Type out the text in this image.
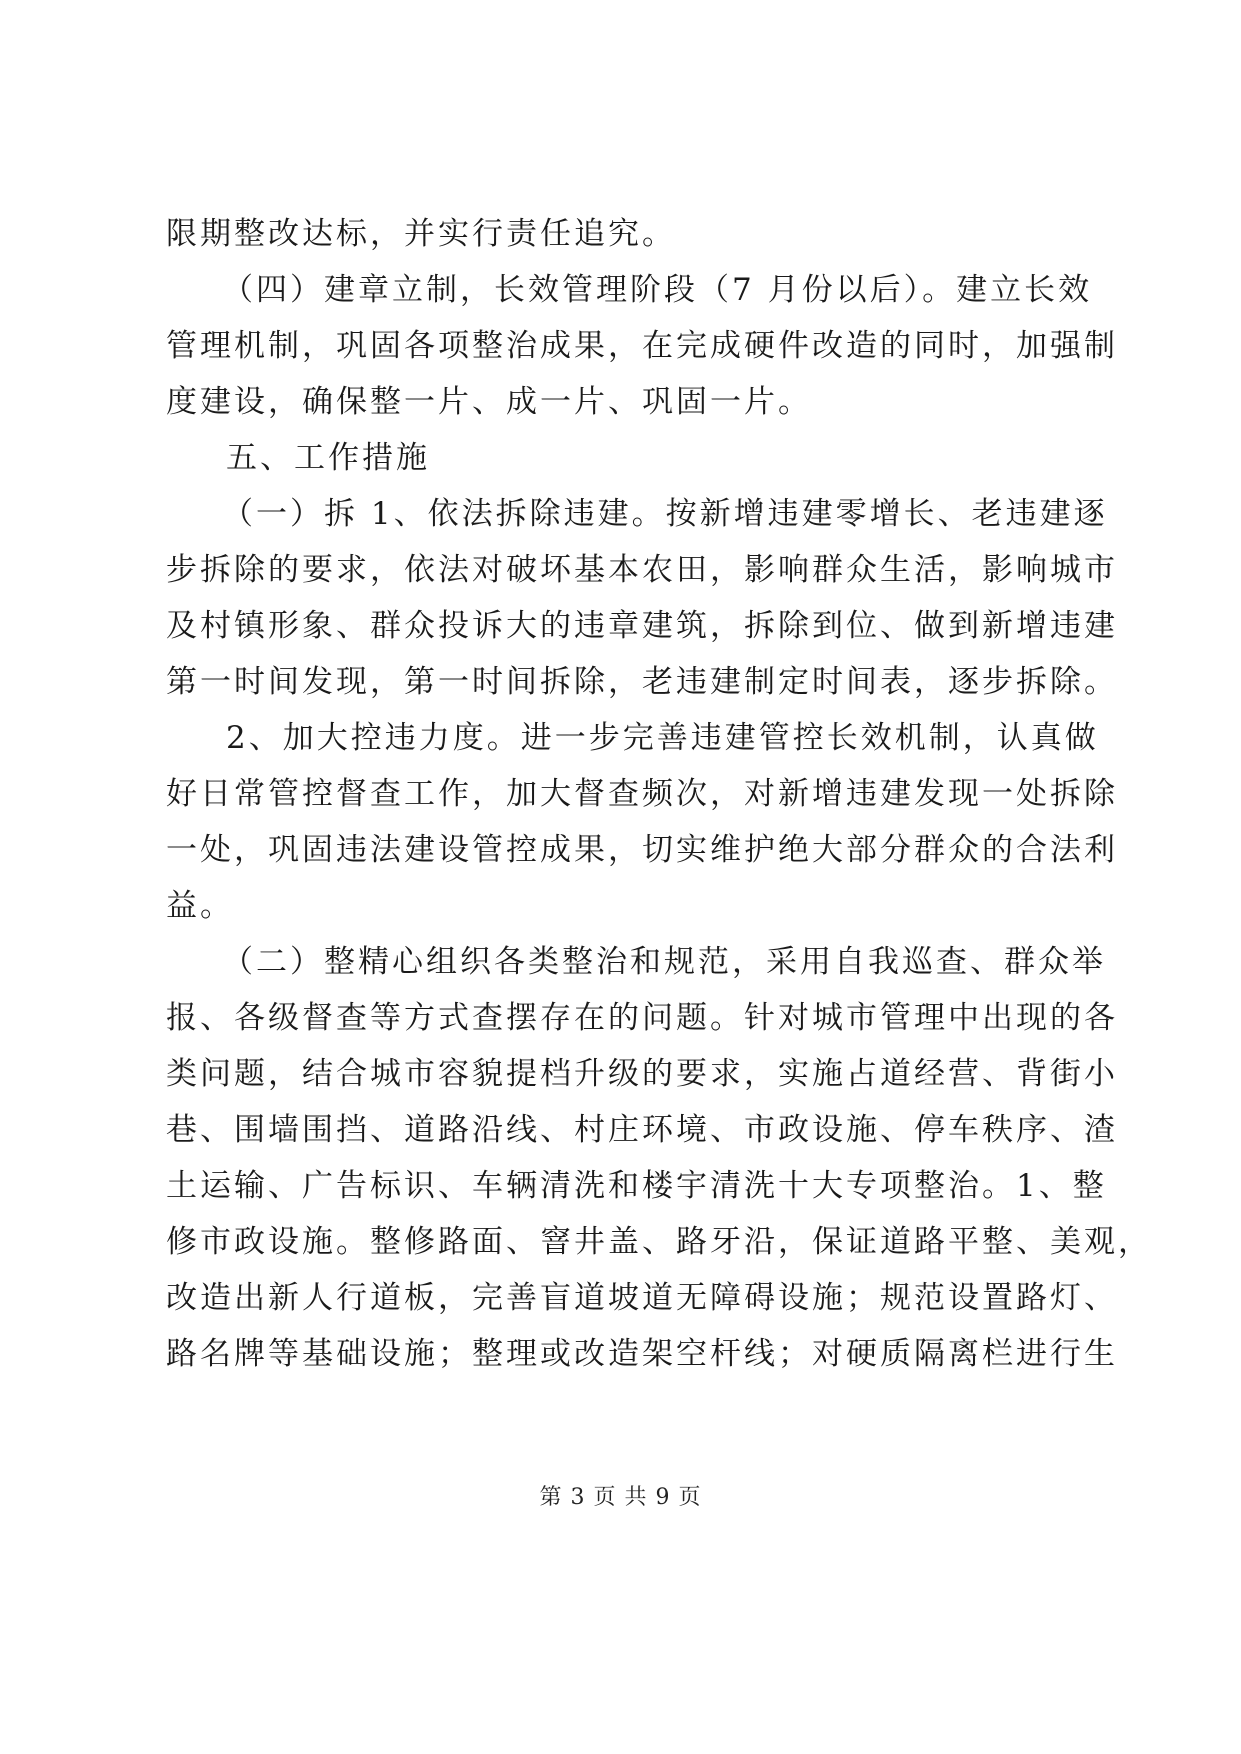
限期整改达标，并实行责任追究。
（四）建章立制，长效管理阶段（7 月份以后）。建立长效
管理机制，巩固各项整治成果，在完成硬件改造的同时，加强制
度建设，确保整一片、成一片、巩固一片。
五、工作措施
（一）拆 1、依法拆除违建。按新增违建零增长、老违建逐
步拆除的要求，依法对破坏基本农田，影响群众生活，影响城市
及村镇形象、群众投诉大的违章建筑，拆除到位、做到新增违建
第一时间发现，第一时间拆除，老违建制定时间表，逐步拆除。
2、加大控违力度。进一步完善违建管控长效机制，认真做
好日常管控督查工作，加大督查频次，对新增违建发现一处拆除
一处，巩固违法建设管控成果，切实维护绝大部分群众的合法利
益。
（二）整精心组织各类整治和规范，采用自我巡查、群众举
报、各级督查等方式查摆存在的问题。针对城市管理中出现的各
类问题，结合城市容貌提档升级的要求，实施占道经营、背街小
巷、围墙围挡、道路沿线、村庄环境、市政设施、停车秩序、渣
土运输、广告标识、车辆清洗和楼宇清洗十大专项整治。1、整
修市政设施。整修路面、窨井盖、路牙沿，保证道路平整、美观，
改造出新人行道板，完善盲道坡道无障碍设施；规范设置路灯、
路名牌等基础设施；整理或改造架空杆线；对硬质隔离栏进行生
第 3 页 共 9 页
